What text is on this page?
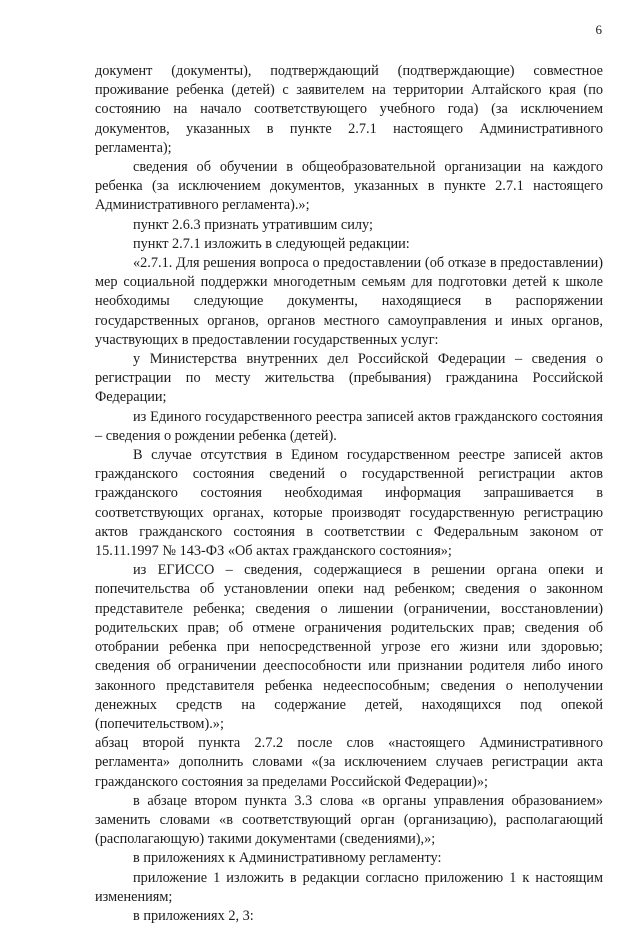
6

документ (документы), подтверждающий (подтверждающие) совместное проживание ребенка (детей) с заявителем на территории Алтайского края (по состоянию на начало соответствующего учебного года) (за исключением документов, указанных в пункте 2.7.1 настоящего Административного регламента);

сведения об обучении в общеобразовательной организации на каждого ребенка (за исключением документов, указанных в пункте 2.7.1 настоящего Административного регламента).»;

пункт 2.6.3 признать утратившим силу;

пункт 2.7.1 изложить в следующей редакции:

«2.7.1. Для решения вопроса о предоставлении (об отказе в предоставлении) мер социальной поддержки многодетным семьям для подготовки детей к школе необходимы следующие документы, находящиеся в распоряжении государственных органов, органов местного самоуправления и иных органов, участвующих в предоставлении государственных услуг:

у Министерства внутренних дел Российской Федерации – сведения о регистрации по месту жительства (пребывания) гражданина Российской Федерации;

из Единого государственного реестра записей актов гражданского состояния – сведения о рождении ребенка (детей).

В случае отсутствия в Едином государственном реестре записей актов гражданского состояния сведений о государственной регистрации актов гражданского состояния необходимая информация запрашивается в соответствующих органах, которые производят государственную регистрацию актов гражданского состояния в соответствии с Федеральным законом от 15.11.1997 № 143-ФЗ «Об актах гражданского состояния»;

из ЕГИССО – сведения, содержащиеся в решении органа опеки и попечительства об установлении опеки над ребенком; сведения о законном представителе ребенка; сведения о лишении (ограничении, восстановлении) родительских прав; об отмене ограничения родительских прав; сведения об отобрании ребенка при непосредственной угрозе его жизни или здоровью; сведения об ограничении дееспособности или признании родителя либо иного законного представителя ребенка недееспособным; сведения о неполучении денежных средств на содержание детей, находящихся под опекой (попечительством).»;

абзац второй пункта 2.7.2 после слов «настоящего Административного регламента» дополнить словами «(за исключением случаев регистрации акта гражданского состояния за пределами Российской Федерации)»;

в абзаце втором пункта 3.3 слова «в органы управления образованием» заменить словами «в соответствующий орган (организацию), располагающий (располагающую) такими документами (сведениями),»;

в приложениях к Административному регламенту:

приложение 1 изложить в редакции согласно приложению 1 к настоящим изменениям;

в приложениях 2, 3:
